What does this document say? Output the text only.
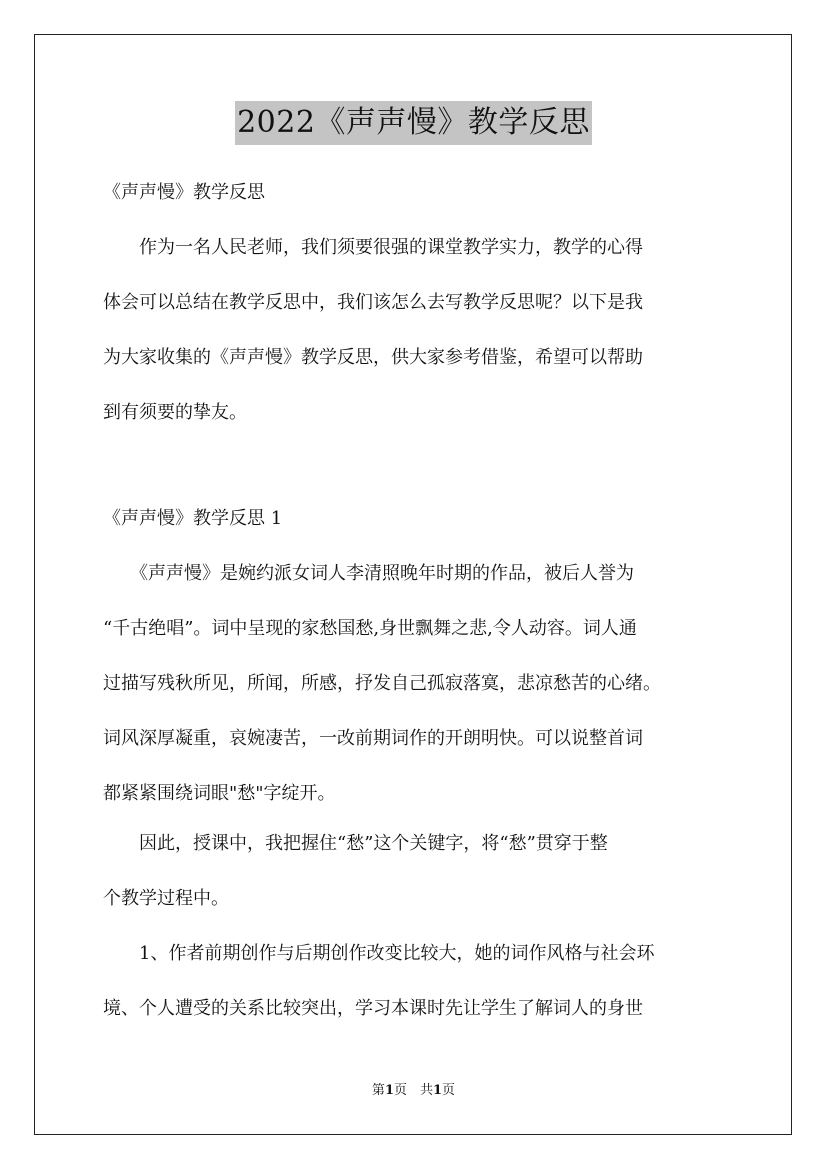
2022《声声慢》教学反思
《声声慢》教学反思
　　作为一名人民老师，我们须要很强的课堂教学实力，教学的心得
体会可以总结在教学反思中，我们该怎么去写教学反思呢？以下是我
为大家收集的《声声慢》教学反思，供大家参考借鉴，希望可以帮助
到有须要的挚友。
《声声慢》教学反思 1
　　《声声慢》是婉约派女词人李清照晚年时期的作品，被后人誉为
“千古绝唱”。词中呈现的家愁国愁,身世飘舞之悲,令人动容。词人通
过描写残秋所见，所闻，所感，抒发自己孤寂落寞，悲凉愁苦的心绪。
词风深厚凝重，哀婉凄苦，一改前期词作的开朗明快。可以说整首词
都紧紧围绕词眼"愁"字绽开。
　　因此，授课中，我把握住“愁”这个关键字，将“愁”贯穿于整
个教学过程中。
　　1、作者前期创作与后期创作改变比较大，她的词作风格与社会环
境、个人遭受的关系比较突出，学习本课时先让学生了解词人的身世
第1页　共1页
